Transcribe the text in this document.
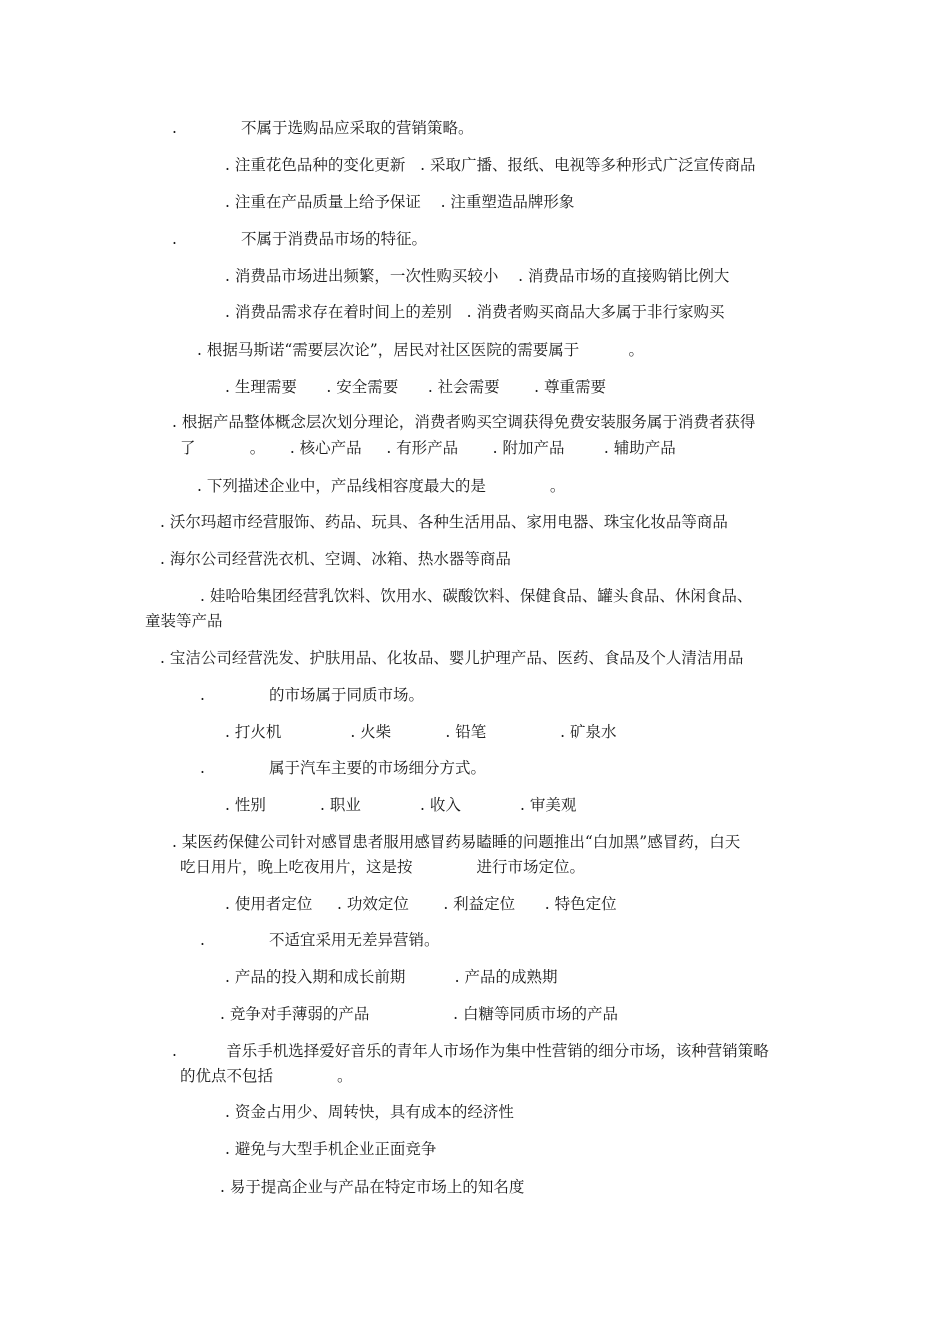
.             不属于选购品应采取的营销策略。
. 注重花色品种的变化更新   . 采取广播、报纸、电视等多种形式广泛宣传商品
. 注重在产品质量上给予保证    . 注重塑造品牌形象
.             不属于消费品市场的特征。
. 消费品市场进出频繁，一次性购买较小    . 消费品市场的直接购销比例大
. 消费品需求存在着时间上的差别   . 消费者购买商品大多属于非行家购买
. 根据马斯诺“需要层次论”，居民对社区医院的需要属于          。
. 生理需要      . 安全需要      . 社会需要       . 尊重需要
. 根据产品整体概念层次划分理论，消费者购买空调获得免费安装服务属于消费者获得
了           。     . 核心产品     . 有形产品       . 附加产品        . 辅助产品
. 下列描述企业中，产品线相容度最大的是             。
. 沃尔玛超市经营服饰、药品、玩具、各种生活用品、家用电器、珠宝化妆品等商品
. 海尔公司经营洗衣机、空调、冰箱、热水器等商品
. 娃哈哈集团经营乳饮料、饮用水、碳酸饮料、保健食品、罐头食品、休闲食品、
童装等产品
. 宝洁公司经营洗发、护肤用品、化妆品、婴儿护理产品、医药、食品及个人清洁用品
.             的市场属于同质市场。
. 打火机              . 火柴           . 铅笔               . 矿泉水
.             属于汽车主要的市场细分方式。
. 性别           . 职业            . 收入            . 审美观
. 某医药保健公司针对感冒患者服用感冒药易瞌睡的问题推出“白加黑”感冒药，白天
吃日用片，晚上吃夜用片，这是按             进行市场定位。
. 使用者定位     . 功效定位       . 利益定位      . 特色定位
.             不适宜采用无差异营销。
. 产品的投入期和成长前期          . 产品的成熟期
. 竞争对手薄弱的产品                 . 白糖等同质市场的产品
.          音乐手机选择爱好音乐的青年人市场作为集中性营销的细分市场，该种营销策略
的优点不包括             。
. 资金占用少、周转快，具有成本的经济性
. 避免与大型手机企业正面竞争
. 易于提高企业与产品在特定市场上的知名度
